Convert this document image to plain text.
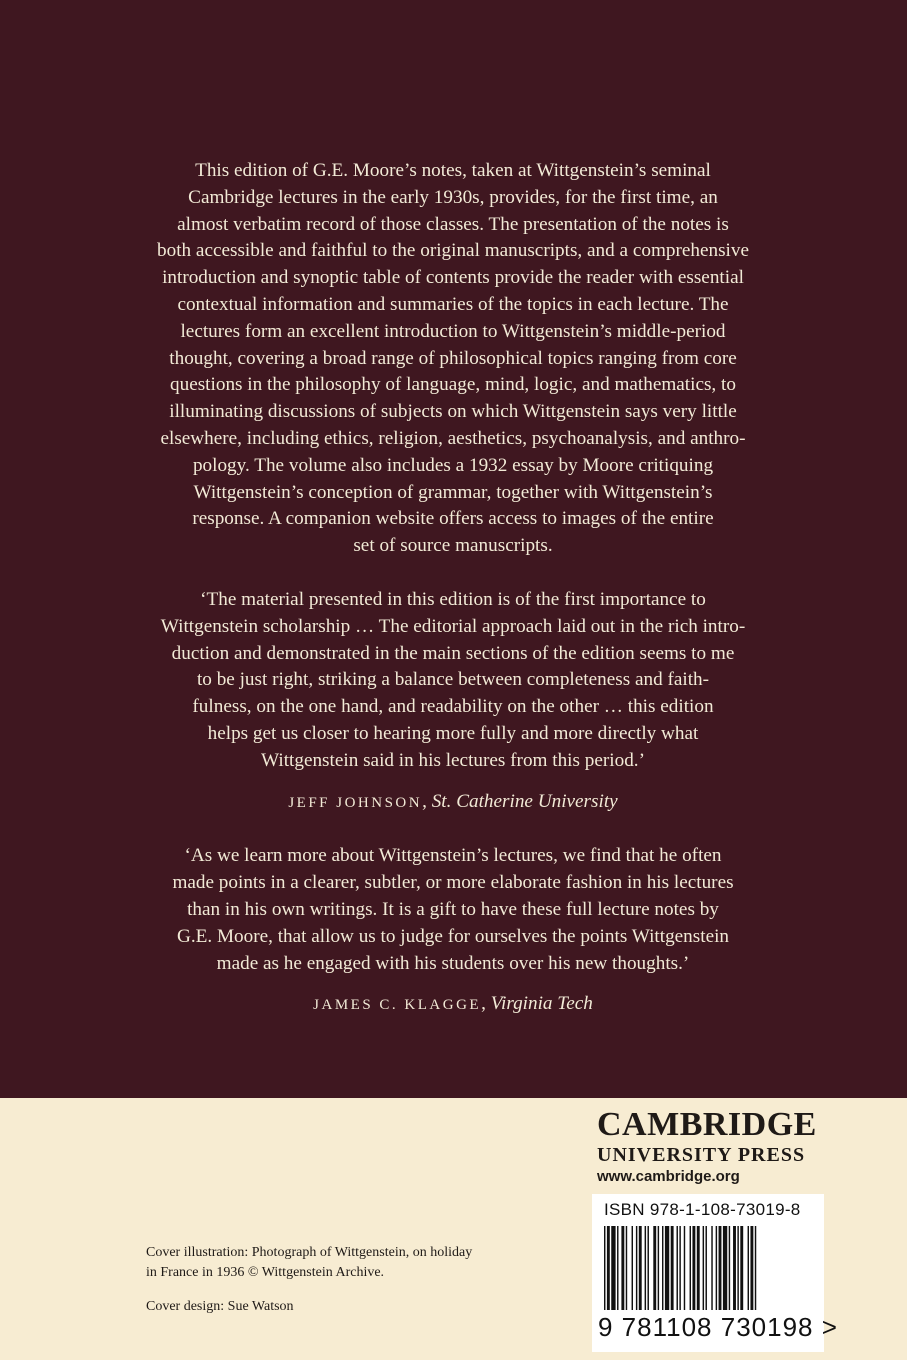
This edition of G.E. Moore’s notes, taken at Wittgenstein’s seminal
Cambridge lectures in the early 1930s, provides, for the first time, an
almost verbatim record of those classes. The presentation of the notes is
both accessible and faithful to the original manuscripts, and a comprehensive
introduction and synoptic table of contents provide the reader with essential
contextual information and summaries of the topics in each lecture. The
lectures form an excellent introduction to Wittgenstein’s middle-period
thought, covering a broad range of philosophical topics ranging from core
questions in the philosophy of language, mind, logic, and mathematics, to
illuminating discussions of subjects on which Wittgenstein says very little
elsewhere, including ethics, religion, aesthetics, psychoanalysis, and anthro-
pology. The volume also includes a 1932 essay by Moore critiquing
Wittgenstein’s conception of grammar, together with Wittgenstein’s
response. A companion website offers access to images of the entire
set of source manuscripts.
‘The material presented in this edition is of the first importance to
Wittgenstein scholarship … The editorial approach laid out in the rich intro-
duction and demonstrated in the main sections of the edition seems to me
to be just right, striking a balance between completeness and faith-
fulness, on the one hand, and readability on the other … this edition
helps get us closer to hearing more fully and more directly what
Wittgenstein said in his lectures from this period.’
JEFF JOHNSON, St. Catherine University
‘As we learn more about Wittgenstein’s lectures, we find that he often
made points in a clearer, subtler, or more elaborate fashion in his lectures
than in his own writings. It is a gift to have these full lecture notes by
G.E. Moore, that allow us to judge for ourselves the points Wittgenstein
made as he engaged with his students over his new thoughts.’
JAMES C. KLAGGE, Virginia Tech
Cover illustration: Photograph of Wittgenstein, on holiday
in France in 1936 © Wittgenstein Archive.
Cover design: Sue Watson
CAMBRIDGE
UNIVERSITY PRESS
www.cambridge.org
ISBN 978-1-108-73019-8
9 781108 730198 >
